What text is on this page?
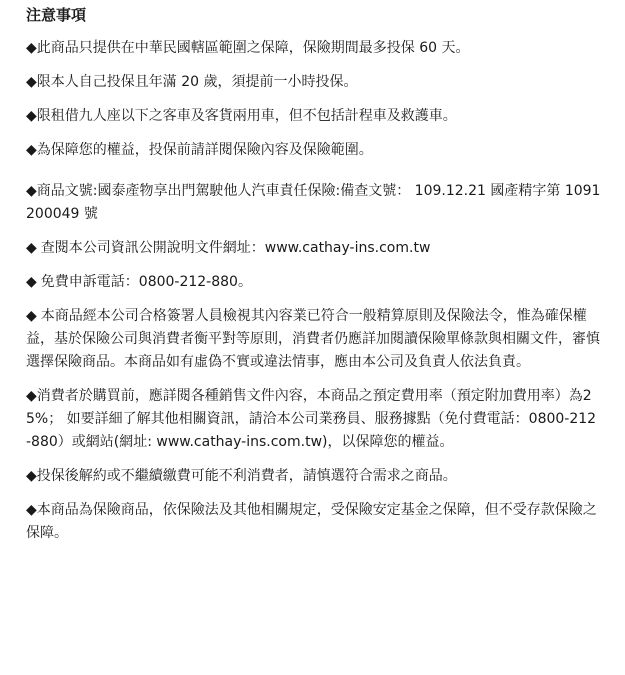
注意事項
◆此商品只提供在中華民國轄區範圍之保障，保險期間最多投保 60 天。
◆限本人自己投保且年滿 20 歲，須提前一小時投保。
◆限租借九人座以下之客車及客貨兩用車，但不包括計程車及救護車。
◆為保障您的權益，投保前請詳閱保險內容及保險範圍。
◆商品文號:國泰產物享出門駕駛他人汽車責任保險:備查文號： 109.12.21 國產精字第 1091200049 號
◆ 查閱本公司資訊公開說明文件網址：www.cathay-ins.com.tw
◆ 免費申訴電話：0800-212-880。
◆ 本商品經本公司合格簽署人員檢視其內容業已符合一般精算原則及保險法令，惟為確保權益，基於保險公司與消費者衡平對等原則，消費者仍應詳加閱讀保險單條款與相關文件，審慎選擇保險商品。本商品如有虛偽不實或違法情事，應由本公司及負責人依法負責。
◆消費者於購買前，應詳閱各種銷售文件內容，本商品之預定費用率（預定附加費用率）為25%； 如要詳細了解其他相關資訊，請洽本公司業務員、服務據點（免付費電話：0800-212-880）或網站(網址: www.cathay-ins.com.tw)，以保障您的權益。
◆投保後解約或不繼續繳費可能不利消費者，請慎選符合需求之商品。
◆本商品為保險商品，依保險法及其他相關規定，受保險安定基金之保障，但不受存款保險之保障。
